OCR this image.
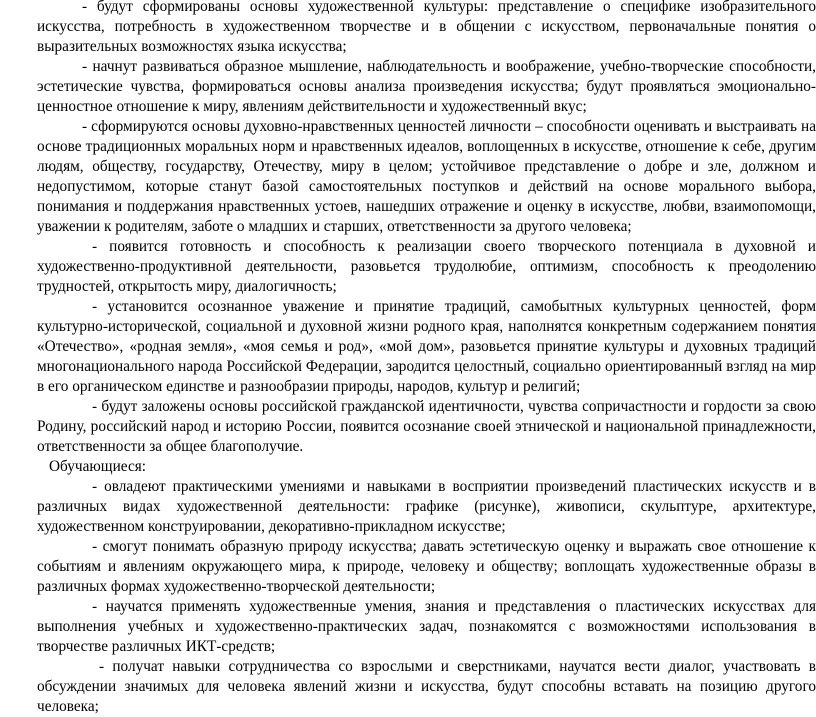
- будут сформированы основы художественной культуры: представление о специфике изобразительного искусства, потребность в художественном творчестве и в общении с искусством, первоначальные понятия о выразительных возможностях языка искусства;

- начнут развиваться образное мышление, наблюдательность и воображение, учебно-творческие способности, эстетические чувства, формироваться основы анализа произведения искусства; будут проявляться эмоционально-ценностное отношение к миру, явлениям действительности и художественный вкус;

- сформируются основы духовно-нравственных ценностей личности – способности оценивать и выстраивать на основе традиционных моральных норм и нравственных идеалов, воплощенных в искусстве, отношение к себе, другим людям, обществу, государству, Отечеству, миру в целом; устойчивое представление о добре и зле, должном и недопустимом, которые станут базой самостоятельных поступков и действий на основе морального выбора, понимания и поддержания нравственных устоев, нашедших отражение и оценку в искусстве, любви, взаимопомощи, уважении к родителям, заботе о младших и старших, ответственности за другого человека;

- появится готовность и способность к реализации своего творческого потенциала в духовной и художественно-продуктивной деятельности, разовьется трудолюбие, оптимизм, способность к преодолению трудностей, открытость миру, диалогичность;

- установится осознанное уважение и принятие традиций, самобытных культурных ценностей, форм культурно-исторической, социальной и духовной жизни родного края, наполнятся конкретным содержанием понятия «Отечество», «родная земля», «моя семья и род», «мой дом», разовьется принятие культуры и духовных традиций многонационального народа Российской Федерации, зародится целостный, социально ориентированный взгляд на мир в его органическом единстве и разнообразии природы, народов, культур и религий;

- будут заложены основы российской гражданской идентичности, чувства сопричастности и гордости за свою Родину, российский народ и историю России, появится осознание своей этнической и национальной принадлежности, ответственности за общее благополучие.

Обучающиеся:

- овладеют практическими умениями и навыками в восприятии произведений пластических искусств и в различных видах художественной деятельности: графике (рисунке), живописи, скульптуре, архитектуре, художественном конструировании, декоративно-прикладном искусстве;

- смогут понимать образную природу искусства; давать эстетическую оценку и выражать свое отношение к событиям и явлениям окружающего мира, к природе, человеку и обществу; воплощать художественные образы в различных формах художественно-творческой деятельности;

- научатся применять художественные умения, знания и представления о пластических искусствах для выполнения учебных и художественно-практических задач, познакомятся с возможностями использования в творчестве различных ИКТ-средств;

- получат навыки сотрудничества со взрослыми и сверстниками, научатся вести диалог, участвовать в обсуждении значимых для человека явлений жизни и искусства, будут способны вставать на позицию другого человека;
